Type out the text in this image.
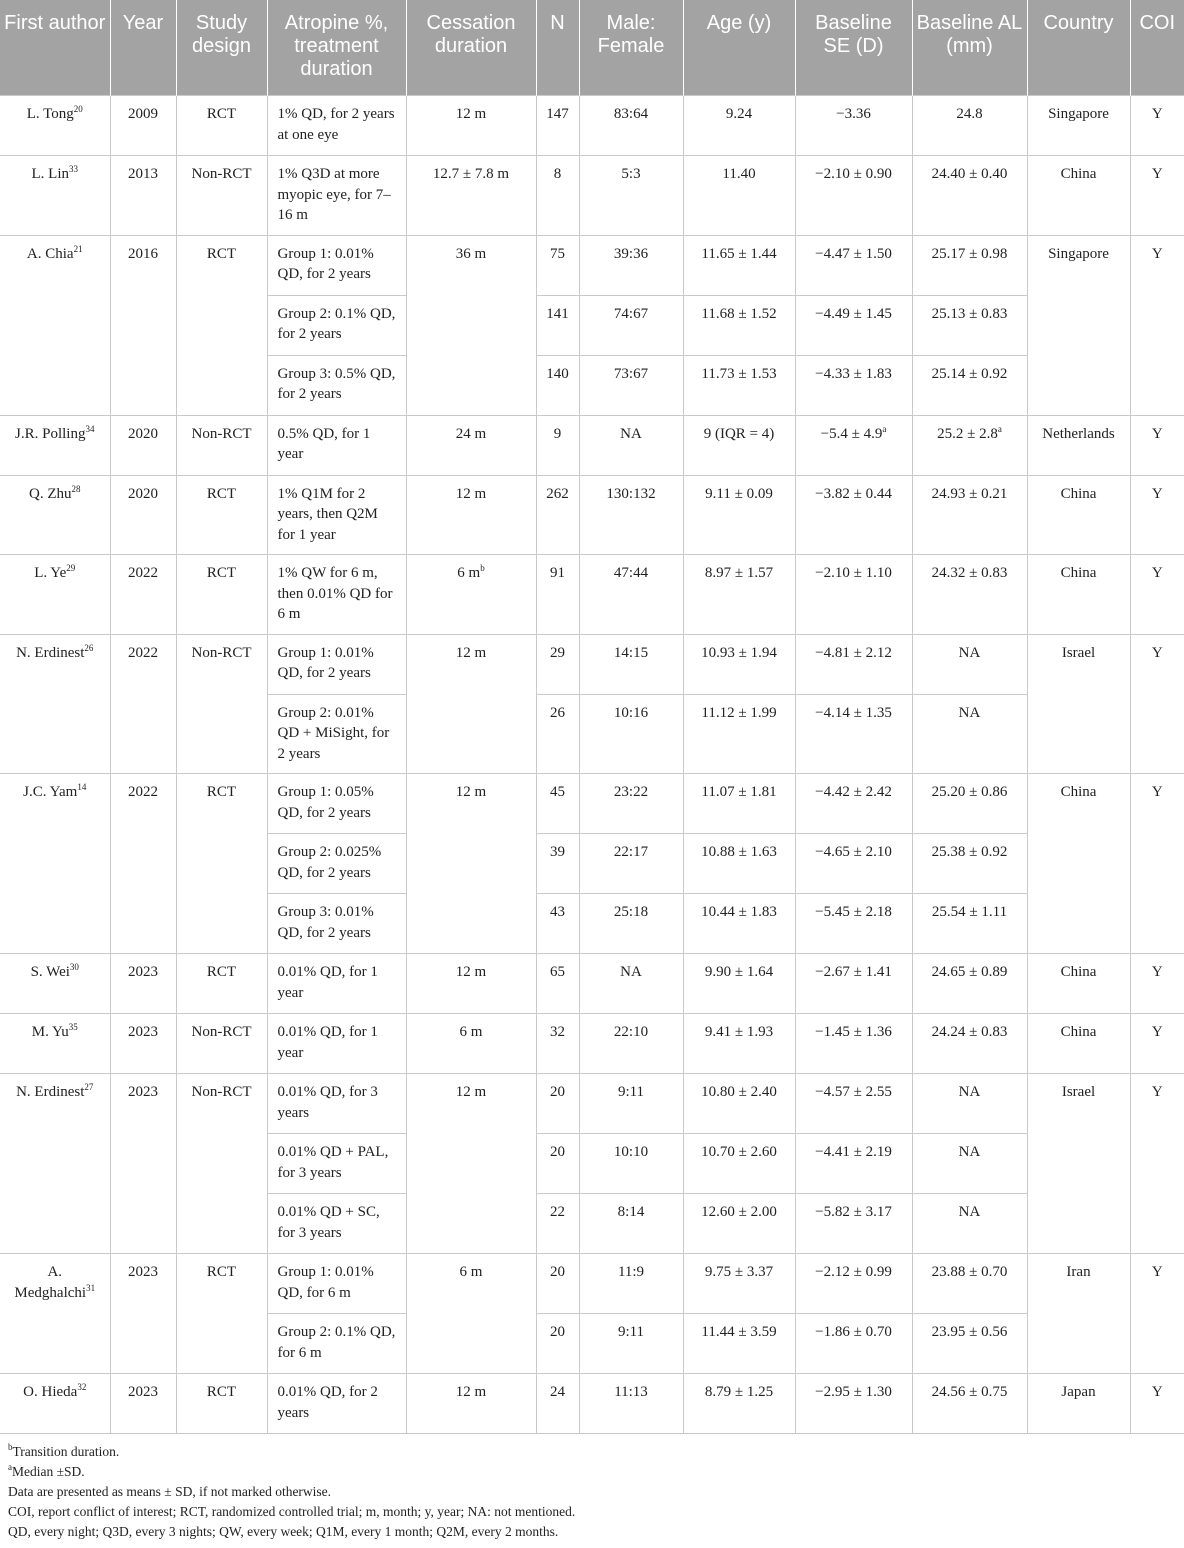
First author	Year	Study design	Atropine %, treatment duration	Cessation duration	N	Male: Female	Age (y)	Baseline SE (D)	Baseline AL (mm)	Country	COI
L. Tong$^{20}$	2009	RCT	1% QD, for 2 years at one eye	12 m	147	83:64	9.24	−3.36	24.8	Singapore	Y
L. Lin$^{33}$	2013	Non-RCT	1% Q3D at more myopic eye, for 7–16 m	12.7 ± 7.8 m	8	5:3	11.40	−2.10 ± 0.90	24.40 ± 0.40	China	Y
A. Chia$^{21}$	2016	RCT	Group 1: 0.01% QD, for 2 years	36 m	75	39:36	11.65 ± 1.44	−4.47 ± 1.50	25.17 ± 0.98	Singapore	Y
			Group 2: 0.1% QD, for 2 years		141	74:67	11.68 ± 1.52	−4.49 ± 1.45	25.13 ± 0.83		
			Group 3: 0.5% QD, for 2 years		140	73:67	11.73 ± 1.53	−4.33 ± 1.83	25.14 ± 0.92		
J.R. Polling$^{34}$	2020	Non-RCT	0.5% QD, for 1 year	24 m	9	NA	9 (IQR = 4)	−5.4 ± 4.9$^a$	25.2 ± 2.8$^a$	Netherlands	Y
Q. Zhu$^{28}$	2020	RCT	1% Q1M for 2 years, then Q2M for 1 year	12 m	262	130:132	9.11 ± 0.09	−3.82 ± 0.44	24.93 ± 0.21	China	Y
L. Ye$^{29}$	2022	RCT	1% QW for 6 m, then 0.01% QD for 6 m	6 $m^b$	91	47:44	8.97 ± 1.57	−2.10 ± 1.10	24.32 ± 0.83	China	Y
N. Erdinest$^{26}$	2022	Non-RCT	Group 1: 0.01% QD, for 2 years	12 m	29	14:15	10.93 ± 1.94	−4.81 ± 2.12	NA	Israel	Y
			Group 2: 0.01% QD + MiSight, for 2 years		26	10:16	11.12 ± 1.99	−4.14 ± 1.35	NA		
J.C. Yam$^{14}$	2022	RCT	Group 1: 0.05% QD, for 2 years	12 m	45	23:22	11.07 ± 1.81	−4.42 ± 2.42	25.20 ± 0.86	China	Y
			Group 2: 0.025% QD, for 2 years		39	22:17	10.88 ± 1.63	−4.65 ± 2.10	25.38 ± 0.92		
			Group 3: 0.01% QD, for 2 years		43	25:18	10.44 ± 1.83	−5.45 ± 2.18	25.54 ± 1.11		
S. Wei$^{30}$	2023	RCT	0.01% QD, for 1 year	12 m	65	NA	9.90 ± 1.64	−2.67 ± 1.41	24.65 ± 0.89	China	Y
M. Yu$^{35}$	2023	Non-RCT	0.01% QD, for 1 year	6 m	32	22:10	9.41 ± 1.93	−1.45 ± 1.36	24.24 ± 0.83	China	Y
N. Erdinest$^{27}$	2023	Non-RCT	0.01% QD, for 3 years	12 m	20	9:11	10.80 ± 2.40	−4.57 ± 2.55	NA	Israel	Y
			0.01% QD + PAL, for 3 years		20	10:10	10.70 ± 2.60	−4.41 ± 2.19	NA		
			0.01% QD + SC, for 3 years		22	8:14	12.60 ± 2.00	−5.82 ± 3.17	NA		
A. Medghalchi$^{31}$	2023	RCT	Group 1: 0.01% QD, for 6 m	6 m	20	11:9	9.75 ± 3.37	−2.12 ± 0.99	23.88 ± 0.70	Iran	Y
			Group 2: 0.1% QD, for 6 m		20	9:11	11.44 ± 3.59	−1.86 ± 0.70	23.95 ± 0.56		
O. Hieda$^{32}$	2023	RCT	0.01% QD, for 2 years	12 m	24	11:13	8.79 ± 1.25	−2.95 ± 1.30	24.56 ± 0.75	Japan	Y
$^b$Transition duration.
$^a$Median ±SD.
Data are presented as means ± SD, if not marked otherwise.
COI, report conflict of interest; RCT, randomized controlled trial; m, month; y, year; NA: not mentioned.
QD, every night; Q3D, every 3 nights; QW, every week; Q1M, every 1 month; Q2M, every 2 months.
